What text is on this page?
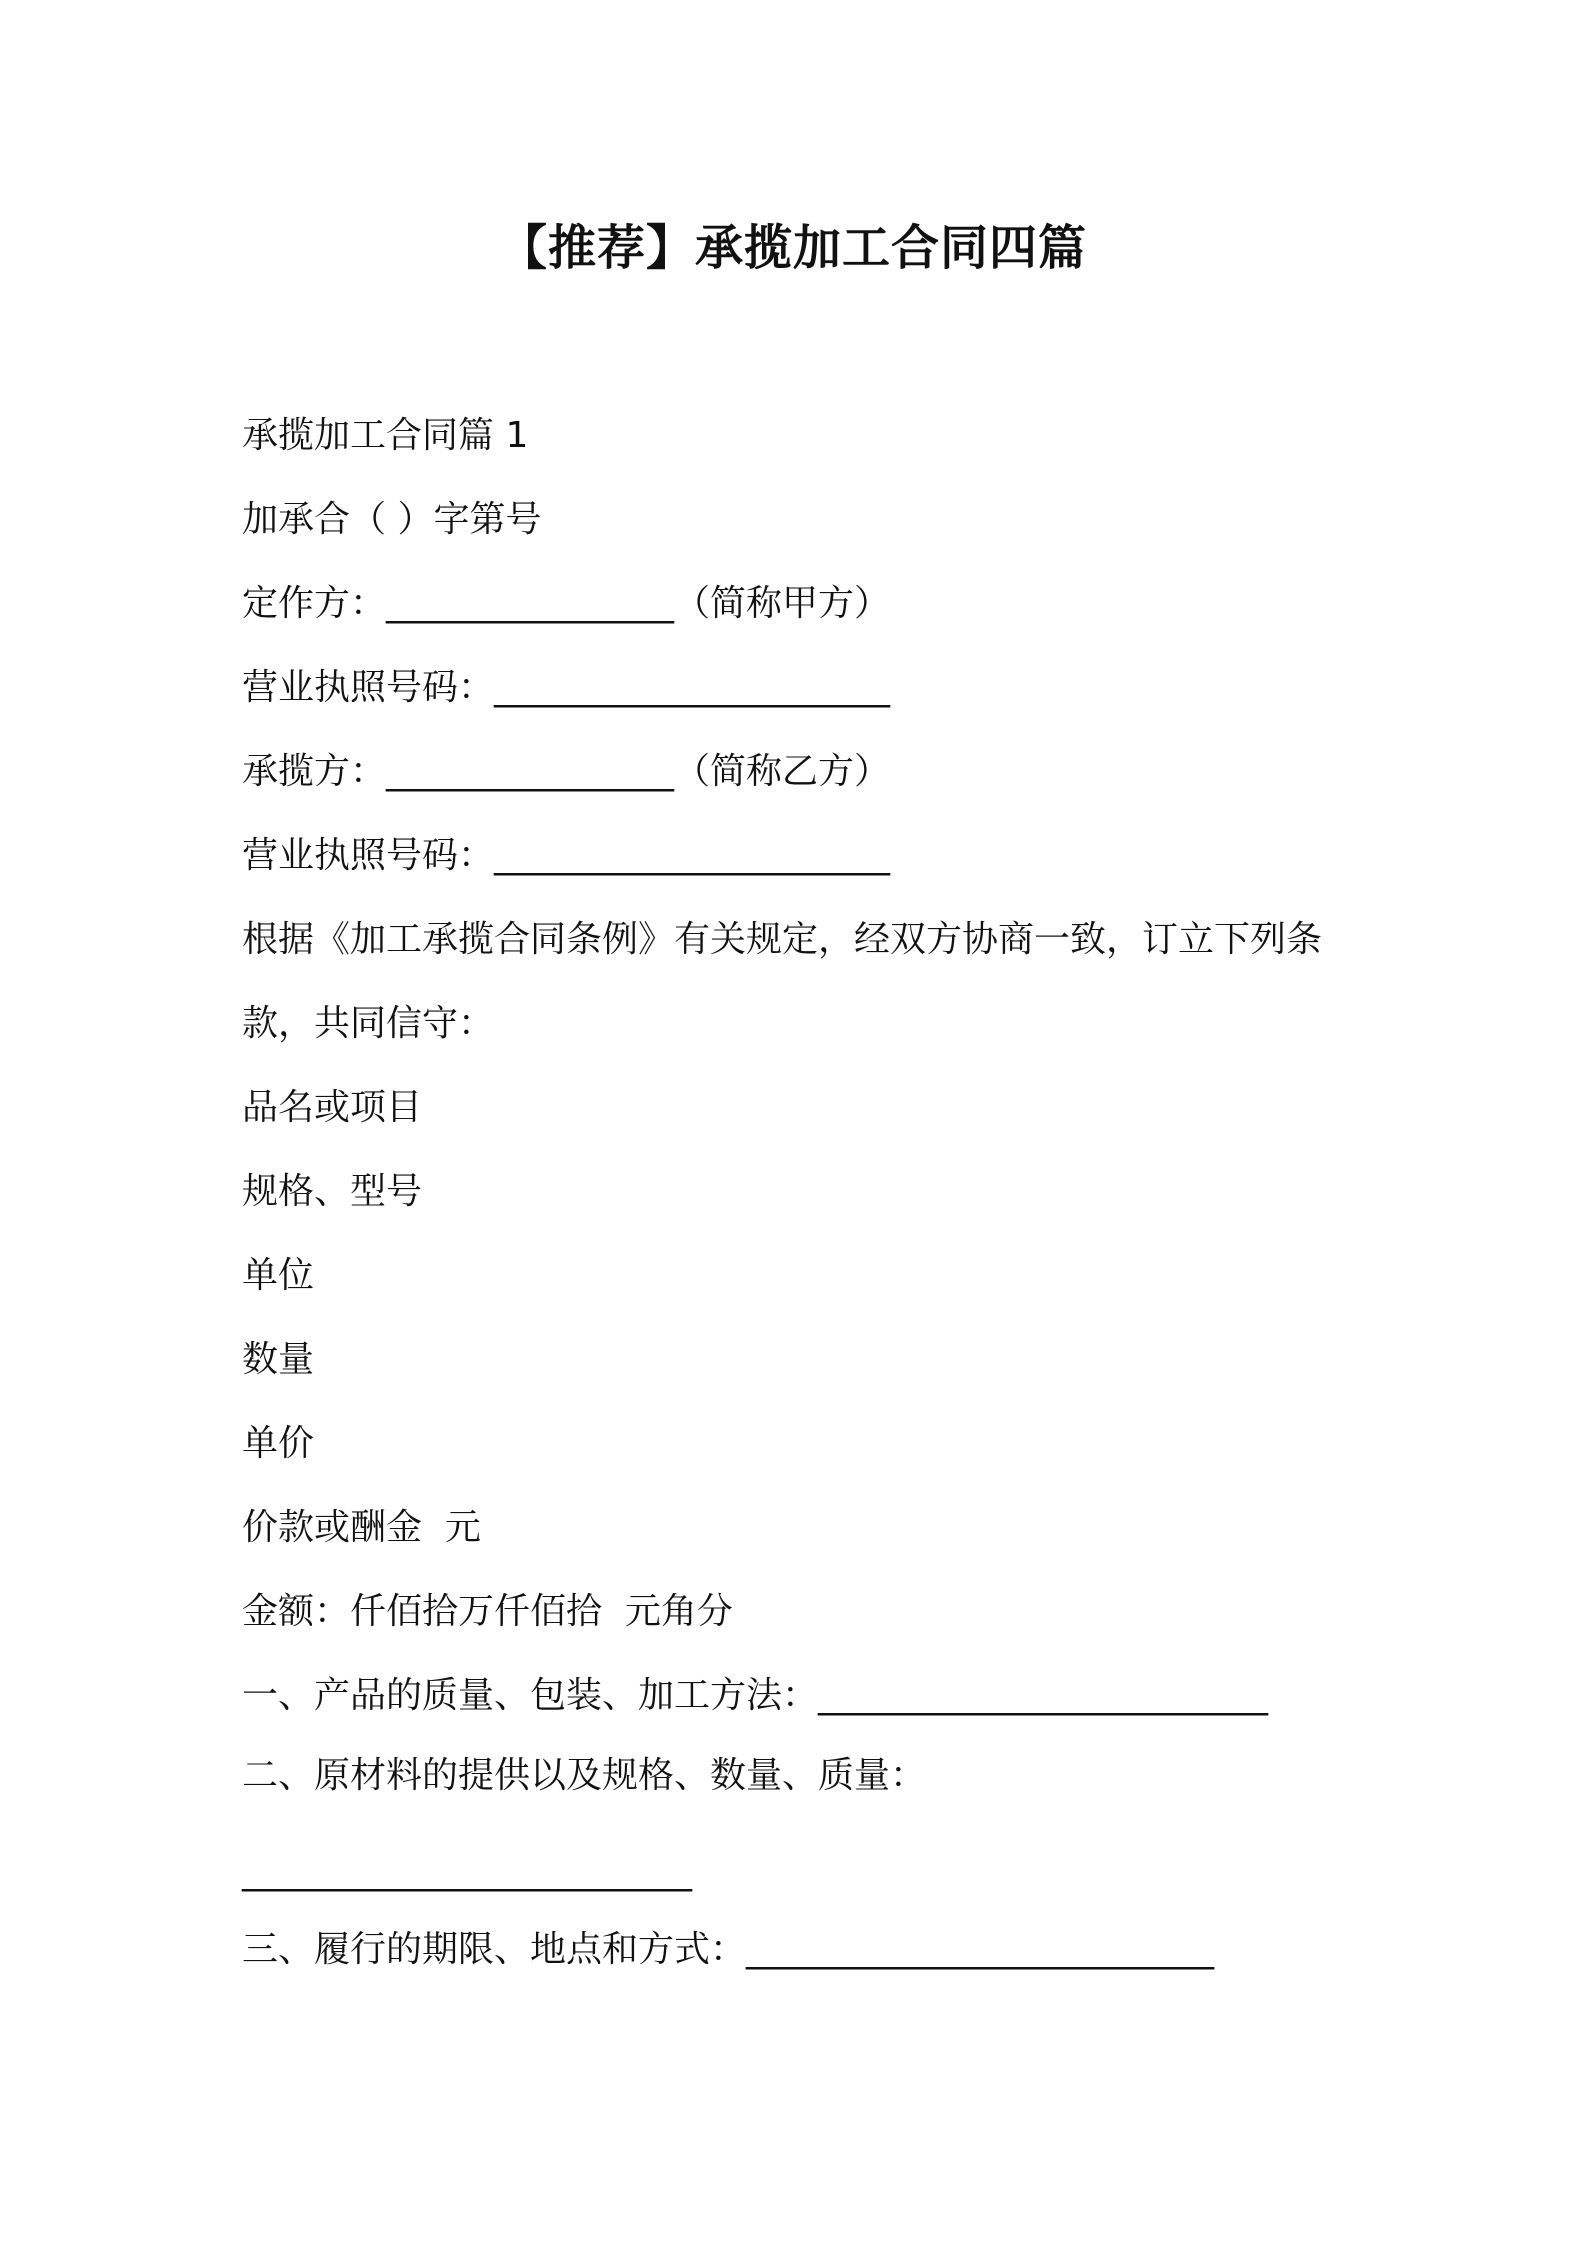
【推荐】承揽加工合同四篇
承揽加工合同篇 1
加承合（ ）字第号
定作方：________________（简称甲方）
营业执照号码：______________________
承揽方：________________（简称乙方）
营业执照号码：______________________
根据《加工承揽合同条例》有关规定，经双方协商一致，订立下列条
款，共同信守：
品名或项目
规格、型号
单位
数量
单价
价款或酬金  元
金额：仟佰拾万仟佰拾  元角分
一、产品的质量、包装、加工方法：_________________________
二、原材料的提供以及规格、数量、质量：
_________________________
三、履行的期限、地点和方式：__________________________
